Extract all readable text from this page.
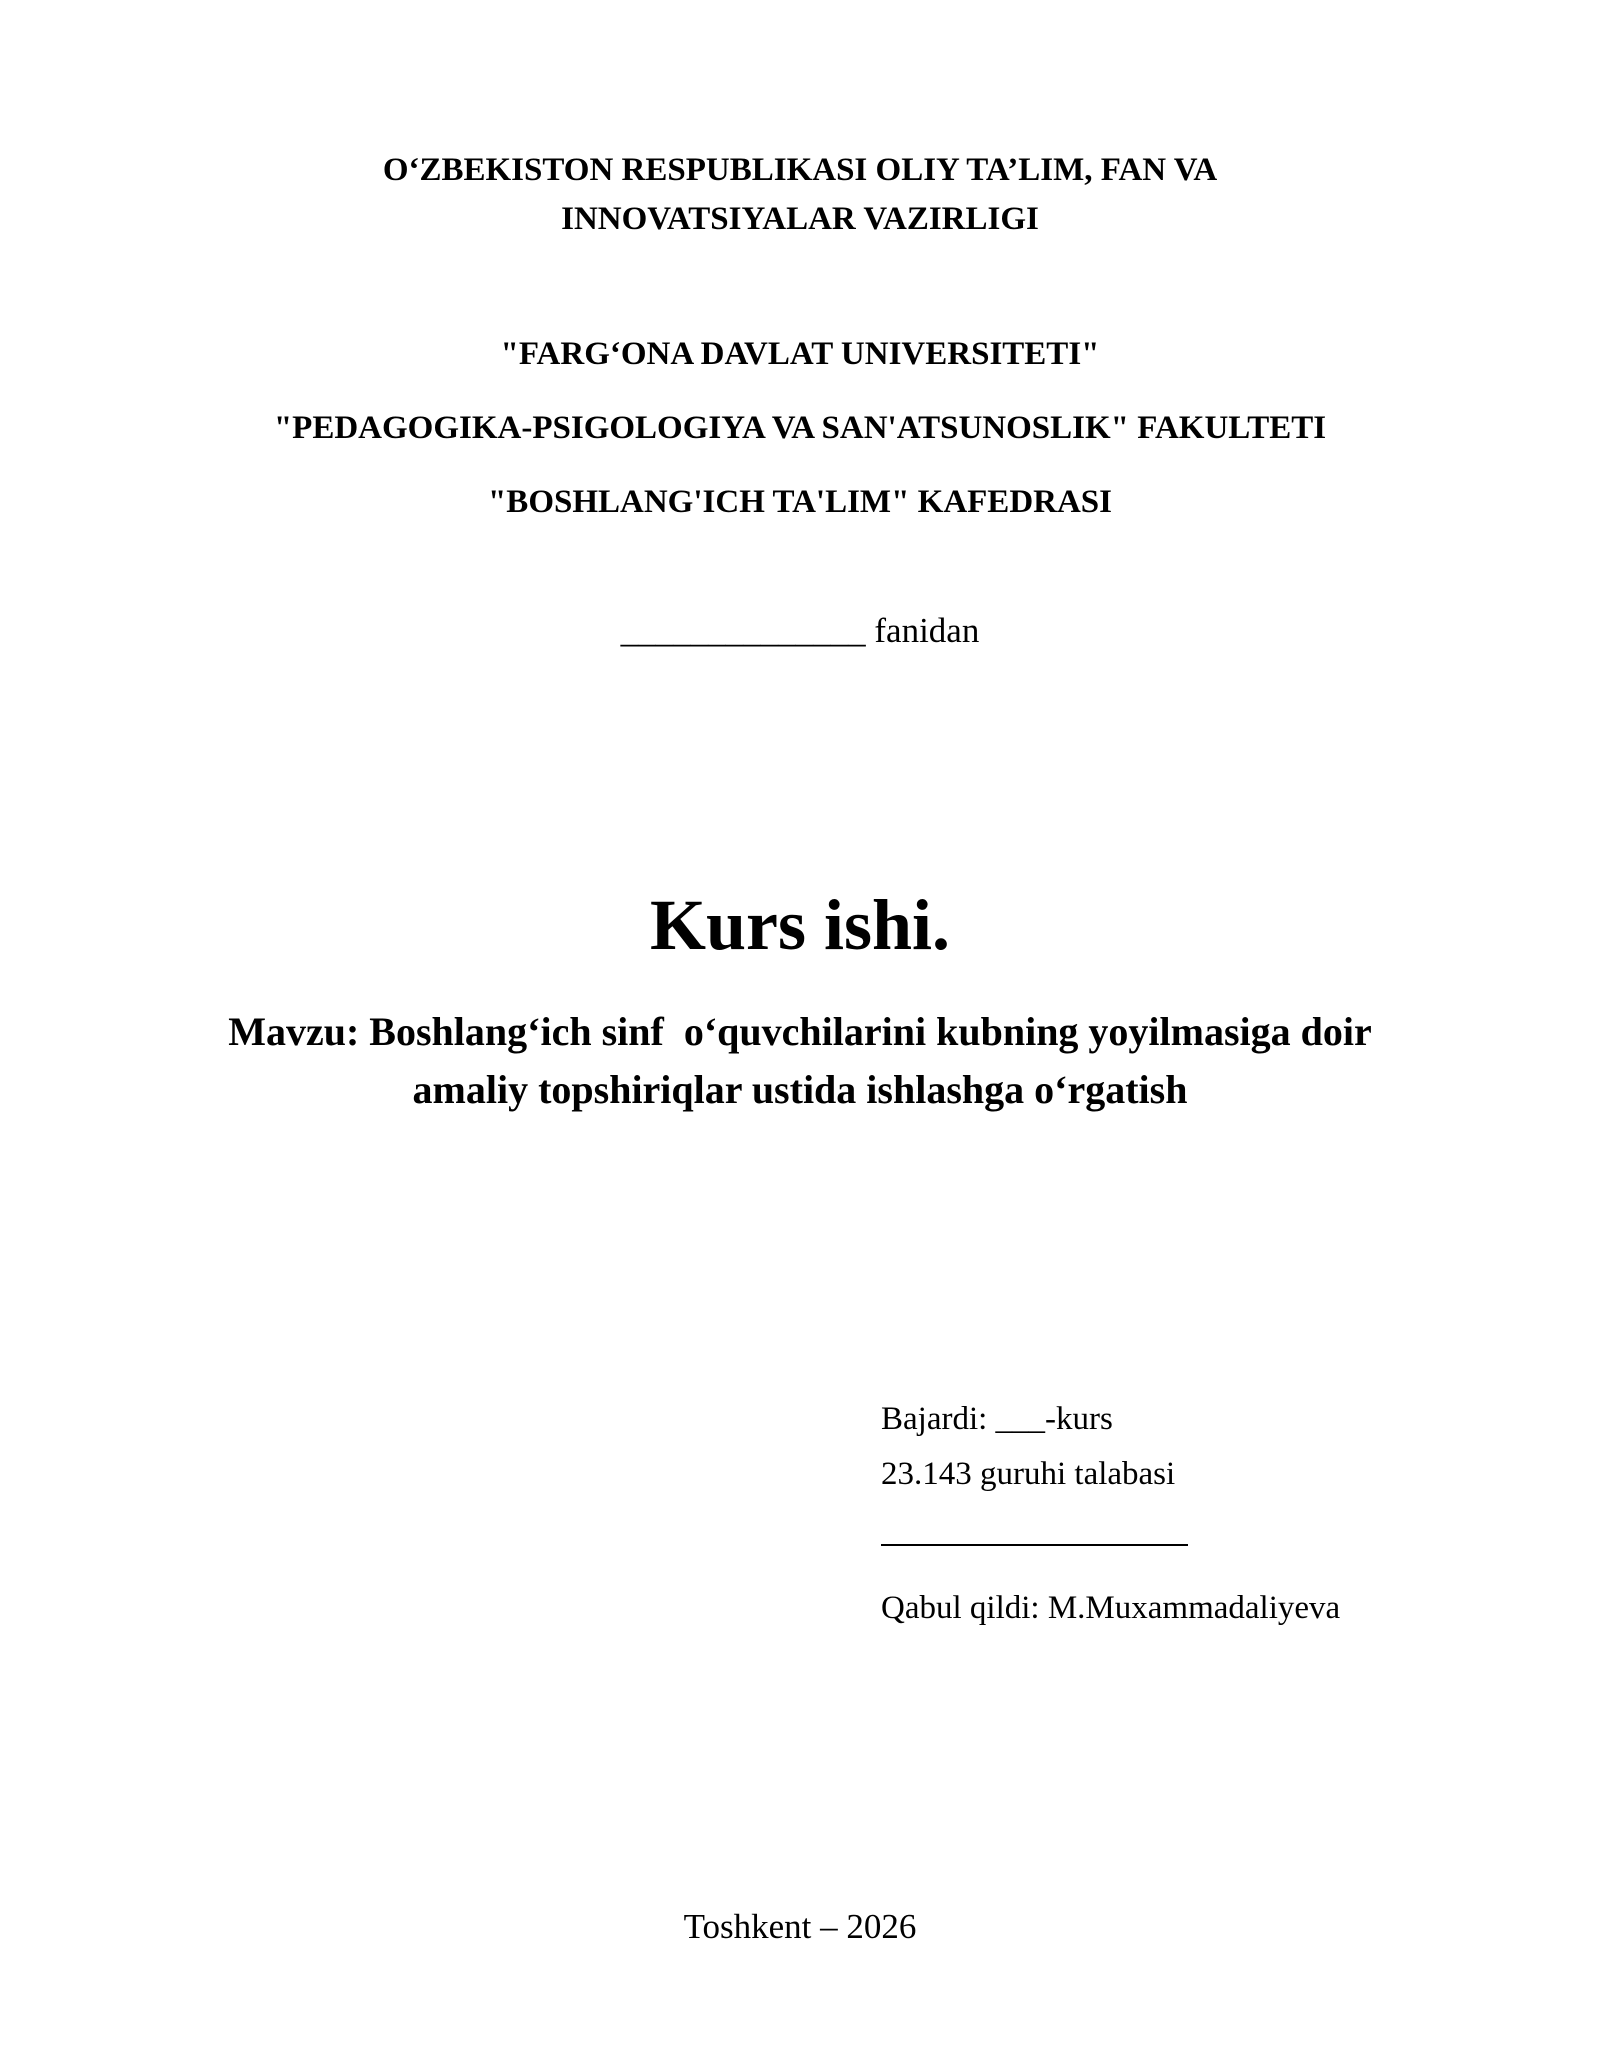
O‘ZBEKISTON RESPUBLIKASI OLIY TA’LIM, FAN VA
INNOVATSIYALAR VAZIRLIGI
"FARG‘ONA DAVLAT UNIVERSITETI"
"PEDAGOGIKA-PSIGOLOGIYA VA SAN'ATSUNOSLIK" FAKULTETI
"BOSHLANG'ICH TA'LIM" KAFEDRASI
______________ fanidan
Kurs ishi.
Mavzu: Boshlang‘ich sinf  o‘quvchilarini kubning yoyilmasiga doir
amaliy topshiriqlar ustida ishlashga o‘rgatish
Bajardi: ___-kurs
23.143 guruhi talabasi
Qabul qildi: M.Muxammadaliyeva
Toshkent – 2026
